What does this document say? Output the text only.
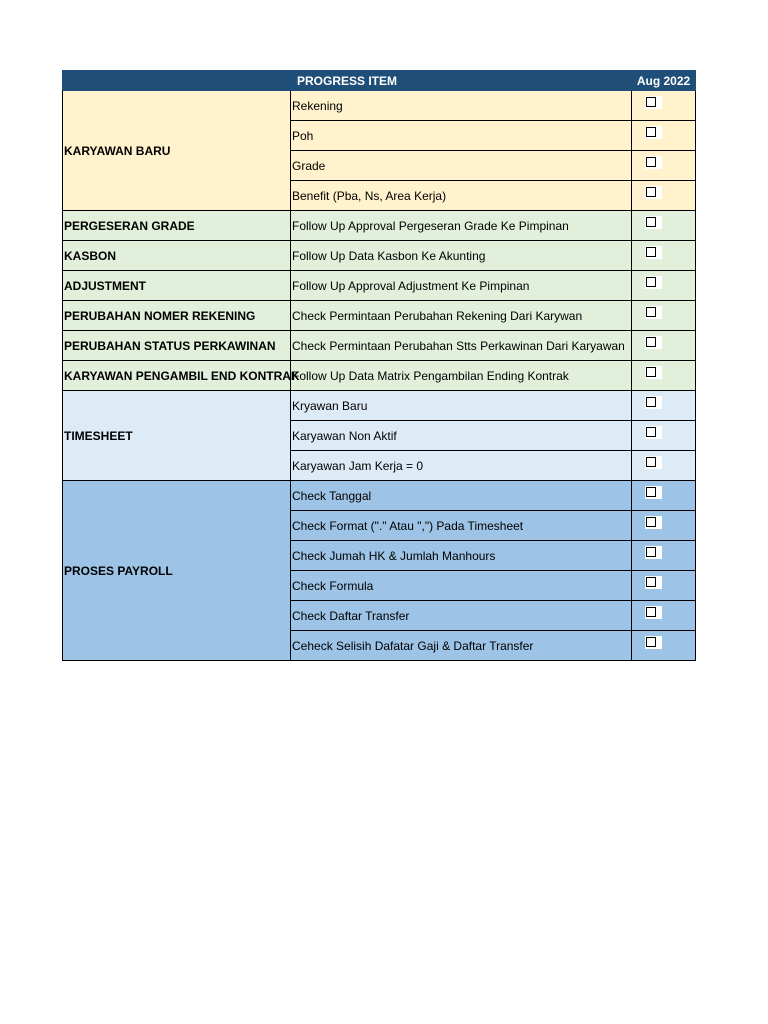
PROGRESS ITEM		Aug 2022
KARYAWAN BARU	Rekening	
	Poh	
	Grade	
	Benefit (Pba, Ns, Area Kerja)	
PERGESERAN GRADE	Follow Up Approval Pergeseran Grade Ke Pimpinan	
KASBON	Follow Up Data Kasbon Ke Akunting	
ADJUSTMENT	Follow Up Approval Adjustment Ke Pimpinan	
PERUBAHAN NOMER REKENING	Check Permintaan Perubahan Rekening Dari Karywan	
PERUBAHAN STATUS PERKAWINAN	Check Permintaan Perubahan Stts Perkawinan Dari Karyawan	
KARYAWAN PENGAMBIL END KONTRAK	Follow Up Data Matrix Pengambilan Ending Kontrak	
TIMESHEET	Kryawan Baru	
	Karyawan Non Aktif	
	Karyawan Jam Kerja = 0	
PROSES PAYROLL	Check Tanggal	
	Check Format ("." Atau ",") Pada Timesheet	
	Check Jumah HK & Jumlah Manhours	
	Check Formula	
	Check Daftar Transfer	
	Ceheck Selisih Dafatar Gaji & Daftar Transfer	
